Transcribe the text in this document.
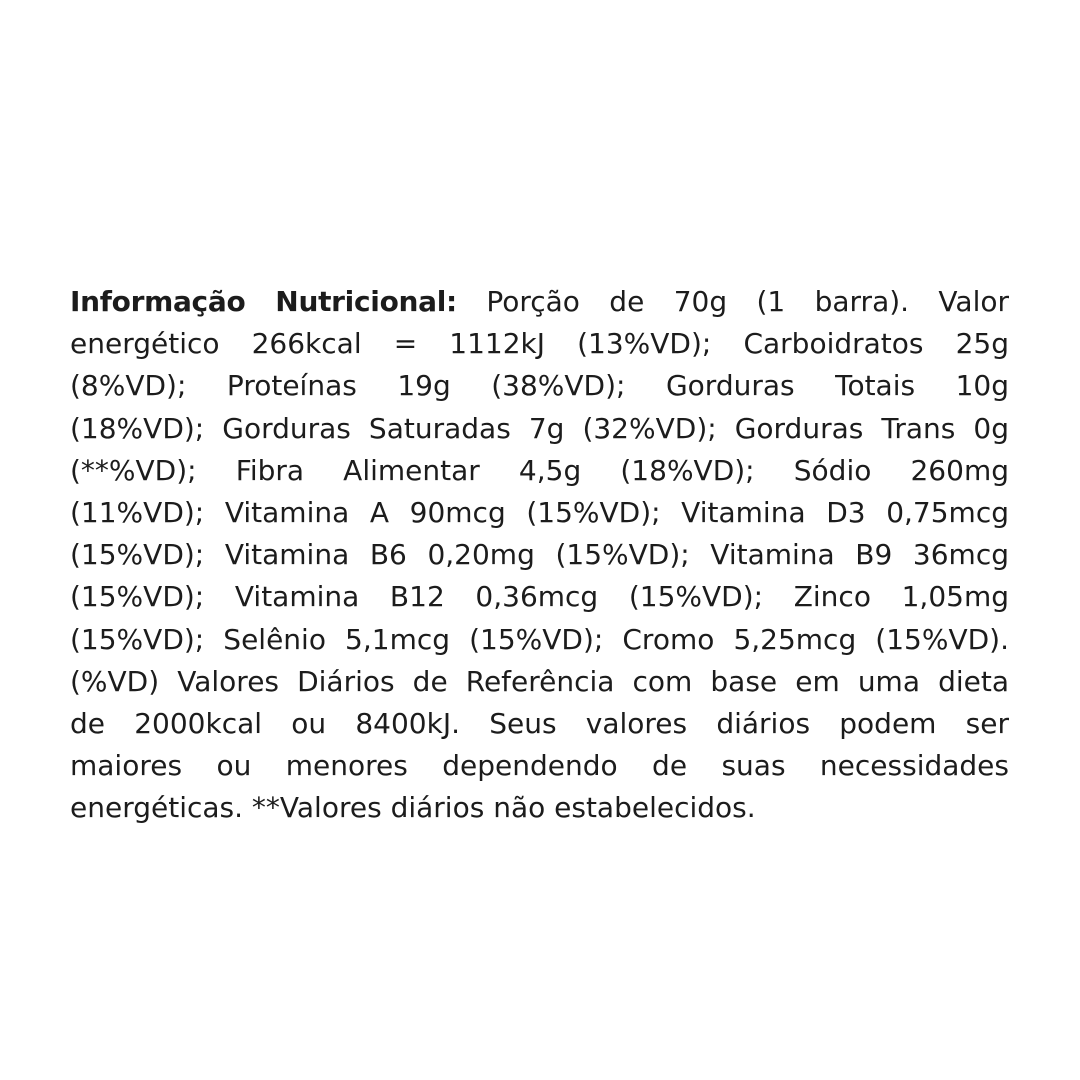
Informação Nutricional: Porção de 70g (1 barra). Valor
energético 266kcal = 1112kJ (13%VD); Carboidratos 25g
(8%VD); Proteínas 19g (38%VD); Gorduras Totais 10g
(18%VD); Gorduras Saturadas 7g (32%VD); Gorduras Trans 0g
(**%VD); Fibra Alimentar 4,5g (18%VD); Sódio 260mg
(11%VD); Vitamina A 90mcg (15%VD); Vitamina D3 0,75mcg
(15%VD); Vitamina B6 0,20mg (15%VD); Vitamina B9 36mcg
(15%VD); Vitamina B12 0,36mcg (15%VD); Zinco 1,05mg
(15%VD); Selênio 5,1mcg (15%VD); Cromo 5,25mcg (15%VD).
(%VD) Valores Diários de Referência com base em uma dieta
de 2000kcal ou 8400kJ. Seus valores diários podem ser
maiores ou menores dependendo de suas necessidades
energéticas. **Valores diários não estabelecidos.
